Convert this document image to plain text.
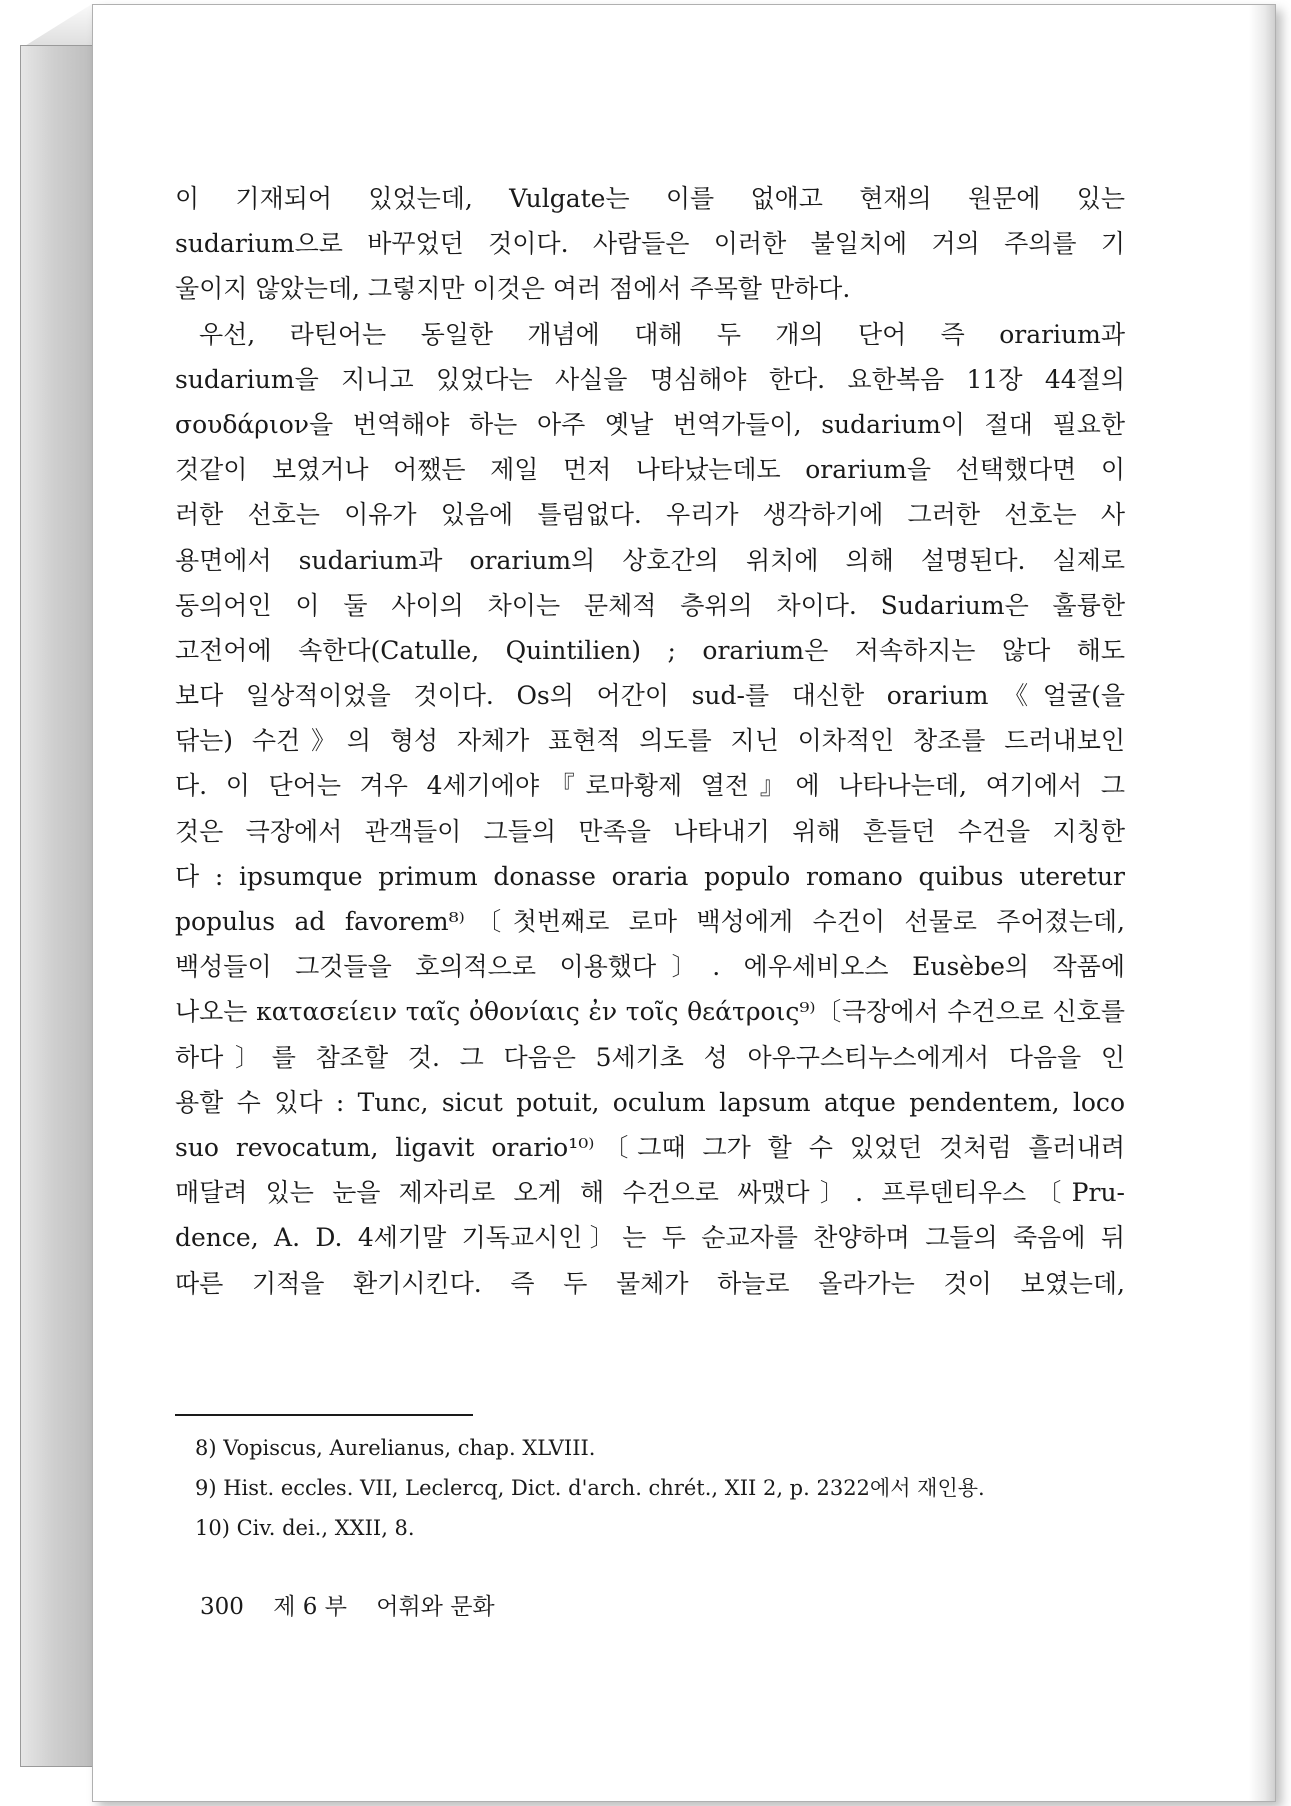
이 기재되어 있었는데, Vulgate는 이를 없애고 현재의 원문에 있는
sudarium으로 바꾸었던 것이다. 사람들은 이러한 불일치에 거의 주의를 기
울이지 않았는데, 그렇지만 이것은 여러 점에서 주목할 만하다.
우선, 라틴어는 동일한 개념에 대해 두 개의 단어 즉 orarium과
sudarium을 지니고 있었다는 사실을 명심해야 한다. 요한복음 11장 44절의
σουδάριον을 번역해야 하는 아주 옛날 번역가들이, sudarium이 절대 필요한
것같이 보였거나 어쨌든 제일 먼저 나타났는데도 orarium을 선택했다면 이
러한 선호는 이유가 있음에 틀림없다. 우리가 생각하기에 그러한 선호는 사
용면에서 sudarium과 orarium의 상호간의 위치에 의해 설명된다. 실제로
동의어인 이 둘 사이의 차이는 문체적 층위의 차이다. Sudarium은 훌륭한
고전어에 속한다(Catulle, Quintilien) ; orarium은 저속하지는 않다 해도
보다 일상적이었을 것이다. Os의 어간이 sud-를 대신한 orarium《얼굴(을
닦는) 수건》의 형성 자체가 표현적 의도를 지닌 이차적인 창조를 드러내보인
다. 이 단어는 겨우 4세기에야『로마황제 열전』에 나타나는데, 여기에서 그
것은 극장에서 관객들이 그들의 만족을 나타내기 위해 흔들던 수건을 지칭한
다 : ipsumque primum donasse oraria populo romano quibus uteretur
populus ad favorem⁸⁾〔첫번째로 로마 백성에게 수건이 선물로 주어졌는데,
백성들이 그것들을 호의적으로 이용했다〕. 에우세비오스 Eusèbe의 작품에
나오는 κατασείειν ταῖς ὀθονίαις ἐν τοῖς θεάτροις⁹⁾〔극장에서 수건으로 신호를
하다〕를 참조할 것. 그 다음은 5세기초 성 아우구스티누스에게서 다음을 인
용할 수 있다 : Tunc, sicut potuit, oculum lapsum atque pendentem, loco
suo revocatum, ligavit orario¹⁰⁾〔그때 그가 할 수 있었던 것처럼 흘러내려
매달려 있는 눈을 제자리로 오게 해 수건으로 싸맸다〕. 프루덴티우스〔Pru-
dence, A. D. 4세기말 기독교시인〕는 두 순교자를 찬양하며 그들의 죽음에 뒤
따른 기적을 환기시킨다. 즉 두 물체가 하늘로 올라가는 것이 보였는데,
8) Vopiscus, Aurelianus, chap. XLVIII.
9) Hist. eccles. VII, Leclercq, Dict. d'arch. chrét., XII 2, p. 2322에서 재인용.
10) Civ. dei., XXII, 8.
300 제 6 부 어휘와 문화
